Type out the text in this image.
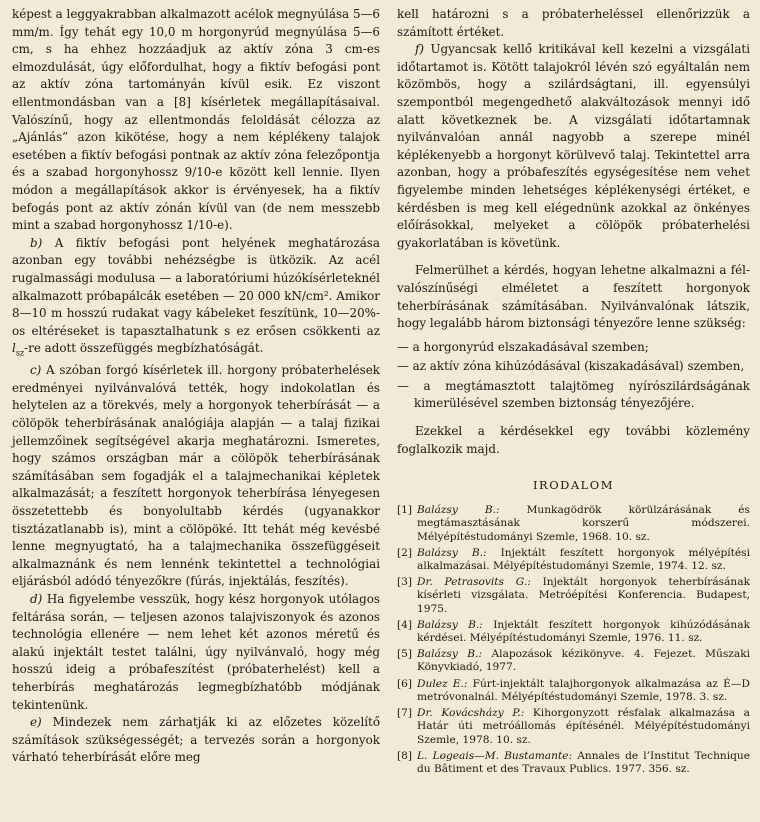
képest a leggyakrabban alkalmazott acélok megnyúlása 5—6 mm/m. Így tehát egy 10,0 m horgonyrúd megnyúlása 5—6 cm, s ha ehhez hozzáadjuk az aktív zóna 3 cm-es elmozdulását, úgy előfordulhat, hogy a fiktív befogási pont az aktív zóna tartományán kívül esik. Ez viszont ellentmondásban van a [8] kísérletek megállapításaival. Valószínű, hogy az ellentmondás feloldását célozza az „Ajánlás” azon kikötése, hogy a nem képlékeny talajok esetében a fiktív befogási pontnak az aktív zóna felezőpontja és a szabad horgonyhossz 9/10-e között kell lennie. Ilyen módon a megállapítások akkor is érvényesek, ha a fiktív befogás pont az aktív zónán kívül van (de nem messzebb mint a szabad horgonyhossz 1/10-e).

b) A fiktív befogási pont helyének meghatározása azonban egy további nehézségbe is ütközik. Az acél rugalmassági modulusa — a laboratóriumi húzókísérleteknél alkalmazott próbapálcák esetében — 20 000 kN/cm². Amikor 8—10 m hosszú rudakat vagy kábeleket feszítünk, 10—20%-os eltéréseket is tapasztalhatunk s ez erősen csökkenti az $l_{sz}-re$ adott összefüggés megbízhatóságát.

c) A szóban forgó kísérletek ill. horgony próbaterhelések eredményei nyilvánvalóvá tették, hogy indokolatlan és helytelen az a törekvés, mely a horgonyok teherbírását — a cölöpök teherbírásának analógiája alapján — a talaj fizikai jellemzőinek segítségével akarja meghatározni. Ismeretes, hogy számos országban már a cölöpök teherbírásának számításában sem fogadják el a talajmechanikai képletek alkalmazását; a feszített horgonyok teherbírása lényegesen összetettebb és bonyolultabb kérdés (ugyanakkor tisztázatlanabb is), mint a cölöpöké. Itt tehát még kevésbé lenne megnyugtató, ha a talajmechanika összefüggéseit alkalmaznánk és nem lennénk tekintettel a technológiai eljárásból adódó tényezőkre (fúrás, injektálás, feszítés).

d) Ha figyelembe vesszük, hogy kész horgonyok utólagos feltárása során, — teljesen azonos talajviszonyok és azonos technológia ellenére — nem lehet két azonos méretű és alakú injektált testet találni, úgy nyilvánvaló, hogy még hosszú ideig a próbafeszítést (próbaterhelést) kell a teherbírás meghatározás legmegbízhatóbb módjának tekintenünk.

e) Mindezek nem zárhatják ki az előzetes közelítő számítások szükségességét; a tervezés során a horgonyok várható teherbírását előre meg

kell határozni s a próbaterheléssel ellenőrizzük a számított értéket.

f) Ugyancsak kellő kritikával kell kezelni a vizsgálati időtartamot is. Kötött talajokról lévén szó egyáltalán nem közömbös, hogy a szilárdságtani, ill. egyensúlyi szempontból megengedhető alakváltozások mennyi idő alatt következnek be. A vizsgálati időtartamnak nyilvánvalóan annál nagyobb a szerepe minél képlékenyebb a horgonyt körülvevő talaj. Tekintettel arra azonban, hogy a próbafeszítés egységesítése nem vehet figyelembe minden lehetséges képlékenységi értéket, e kérdésben is meg kell elégednünk azokkal az önkényes előírásokkal, melyeket a cölöpök próbaterhelési gyakorlatában is követünk.

Felmerülhet a kérdés, hogyan lehetne alkalmazni a fél-valószínűségi elméletet a feszített horgonyok teherbírásának számításában. Nyilvánvalónak látszik, hogy legalább három biztonsági tényezőre lenne szükség:

— a horgonyrúd elszakadásával szemben;
— az aktív zóna kihúzódásával (kiszakadásával) szemben,
— a megtámasztott talajtömeg nyírószilárdságának kimerülésével szemben biztonság tényezőjére.

Ezekkel a kérdésekkel egy további közlemény foglalkozik majd.

IRODALOM
[1] Balázsy B.:	Munkagödrök körülzárásának és megtámasztásának korszerű módszerei. Mélyépítéstudományi Szemle, 1968. 10. sz.
[2] Balázsy B.: Injektált feszített horgonyok mélyépítési alkalmazásai. Mélyépítéstudományi Szemle, 1974. 12. sz.
[3] Dr. Petrasovits G.: Injektált horgonyok teherbírásának kísérleti vizsgálata. Metróépítési Konferencia. Budapest, 1975.
[4] Balázsy B.: Injektált feszített horgonyok kihúzódásának kérdései. Mélyépítéstudományi Szemle, 1976. 11. sz.
[5] Balázsy B.: Alapozások kézikönyve. 4. Fejezet. Műszaki Könyvkiadó, 1977.
[6] Dulez E.: Fúrt-injektált talajhorgonyok alkalmazása az É—D metróvonalnál. Mélyépítéstudományi Szemle, 1978. 3. sz.
[7] Dr. Kovácsházy P.: Kihorgonyzott résfalak alkalmazása a Határ úti metróállomás építésénél. Mélyépítéstudományi Szemle, 1978. 10. sz.
[8] L. Logeais—M. Bustamante: Annales de l’Institut Technique du Bâtiment et des Travaux Publics. 1977. 356. sz.
